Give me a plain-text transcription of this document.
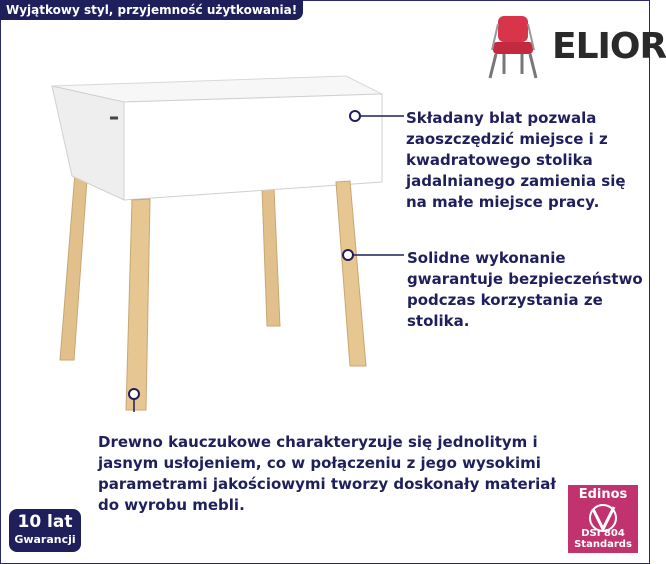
Wyjątkowy styl, przyjemność użytkowania!
ELIOR
Składany blat pozwala zaoszczędzić miejsce i z kwadratowego stolika jadalnianego zamienia się na małe miejsce pracy.
Solidne wykonanie gwarantuje bezpieczeństwo podczas korzystania ze stolika.
Drewno kauczukowe charakteryzuje się jednolitym i jasnym usłojeniem, co w połączeniu z jego wysokimi parametrami jakościowymi tworzy doskonały materiał do wyrobu mebli.
10 lat
Gwarancji
Edinos
DSI 804
Standards
